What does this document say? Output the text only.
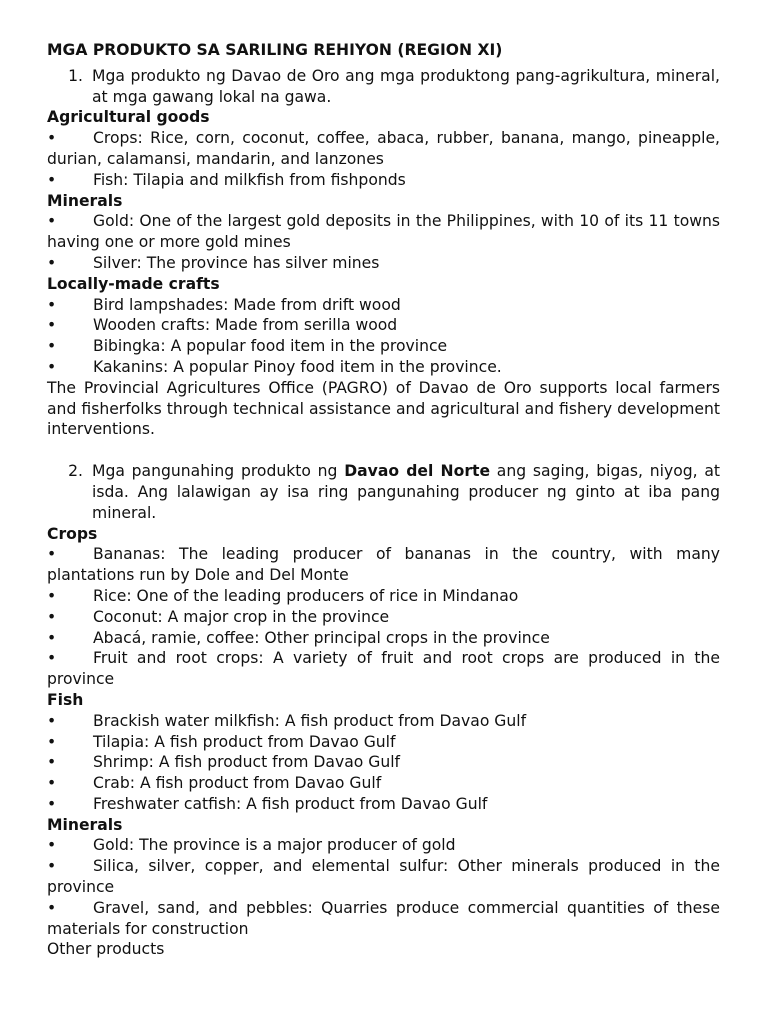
MGA PRODUKTO SA SARILING REHIYON (REGION XI)
1. Mga produkto ng Davao de Oro ang mga produktong pang-agrikultura, mineral, at mga gawang lokal na gawa.
Agricultural goods
• Crops: Rice, corn, coconut, coffee, abaca, rubber, banana, mango, pineapple, durian, calamansi, mandarin, and lanzones
• Fish: Tilapia and milkfish from fishponds
Minerals
• Gold: One of the largest gold deposits in the Philippines, with 10 of its 11 towns having one or more gold mines
• Silver: The province has silver mines
Locally-made crafts
• Bird lampshades: Made from drift wood
• Wooden crafts: Made from serilla wood
• Bibingka: A popular food item in the province
• Kakanins: A popular Pinoy food item in the province.
The Provincial Agricultures Office (PAGRO) of Davao de Oro supports local farmers and fisherfolks through technical assistance and agricultural and fishery development interventions.
2. Mga pangunahing produkto ng Davao del Norte ang saging, bigas, niyog, at isda. Ang lalawigan ay isa ring pangunahing producer ng ginto at iba pang mineral.
Crops
• Bananas: The leading producer of bananas in the country, with many plantations run by Dole and Del Monte
• Rice: One of the leading producers of rice in Mindanao
• Coconut: A major crop in the province
• Abacá, ramie, coffee: Other principal crops in the province
• Fruit and root crops: A variety of fruit and root crops are produced in the province
Fish
• Brackish water milkfish: A fish product from Davao Gulf
• Tilapia: A fish product from Davao Gulf
• Shrimp: A fish product from Davao Gulf
• Crab: A fish product from Davao Gulf
• Freshwater catfish: A fish product from Davao Gulf
Minerals
• Gold: The province is a major producer of gold
• Silica, silver, copper, and elemental sulfur: Other minerals produced in the province
• Gravel, sand, and pebbles: Quarries produce commercial quantities of these materials for construction
Other products
